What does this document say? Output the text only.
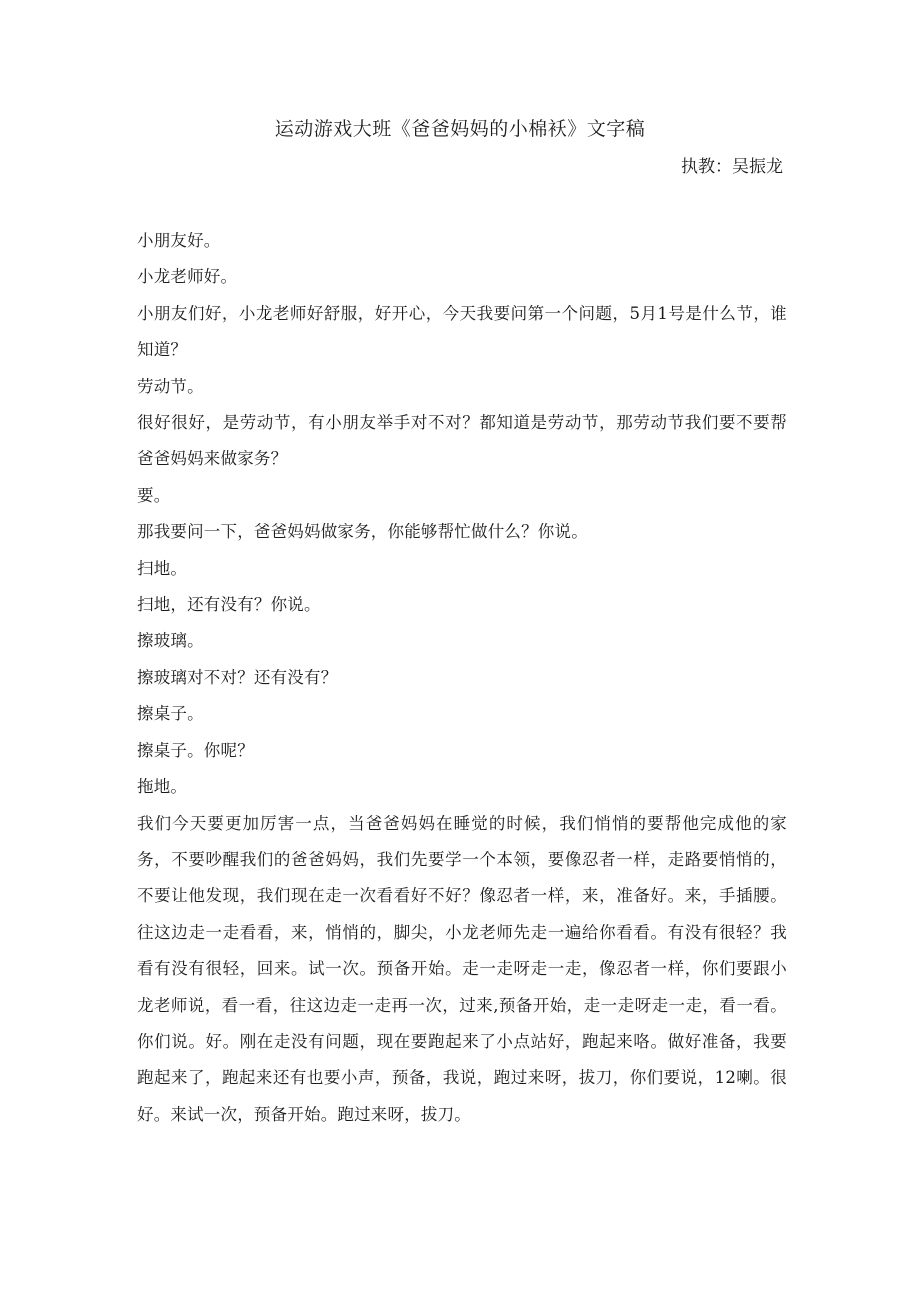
运动游戏大班《爸爸妈妈的小棉袄》文字稿
执教：吴振龙

小朋友好。

小龙老师好。

小朋友们好，小龙老师好舒服，好开心，今天我要问第一个问题，5月1号是什么节，谁知道？

劳动节。

很好很好，是劳动节，有小朋友举手对不对？都知道是劳动节，那劳动节我们要不要帮爸爸妈妈来做家务？

要。

那我要问一下，爸爸妈妈做家务，你能够帮忙做什么？你说。

扫地。

扫地，还有没有？你说。

擦玻璃。

擦玻璃对不对？还有没有？

擦桌子。

擦桌子。你呢？

拖地。

我们今天要更加厉害一点，当爸爸妈妈在睡觉的时候，我们悄悄的要帮他完成他的家务，不要吵醒我们的爸爸妈妈，我们先要学一个本领，要像忍者一样，走路要悄悄的，不要让他发现，我们现在走一次看看好不好？像忍者一样，来，准备好。来，手插腰。往这边走一走看看，来，悄悄的，脚尖，小龙老师先走一遍给你看看。有没有很轻？我看有没有很轻，回来。试一次。预备开始。走一走呀走一走，像忍者一样，你们要跟小龙老师说，看一看，往这边走一走再一次，过来,预备开始，走一走呀走一走，看一看。你们说。好。刚在走没有问题，现在要跑起来了小点站好，跑起来咯。做好准备，我要跑起来了，跑起来还有也要小声，预备，我说，跑过来呀，拔刀，你们要说，12喇。很好。来试一次，预备开始。跑过来呀，拔刀。
